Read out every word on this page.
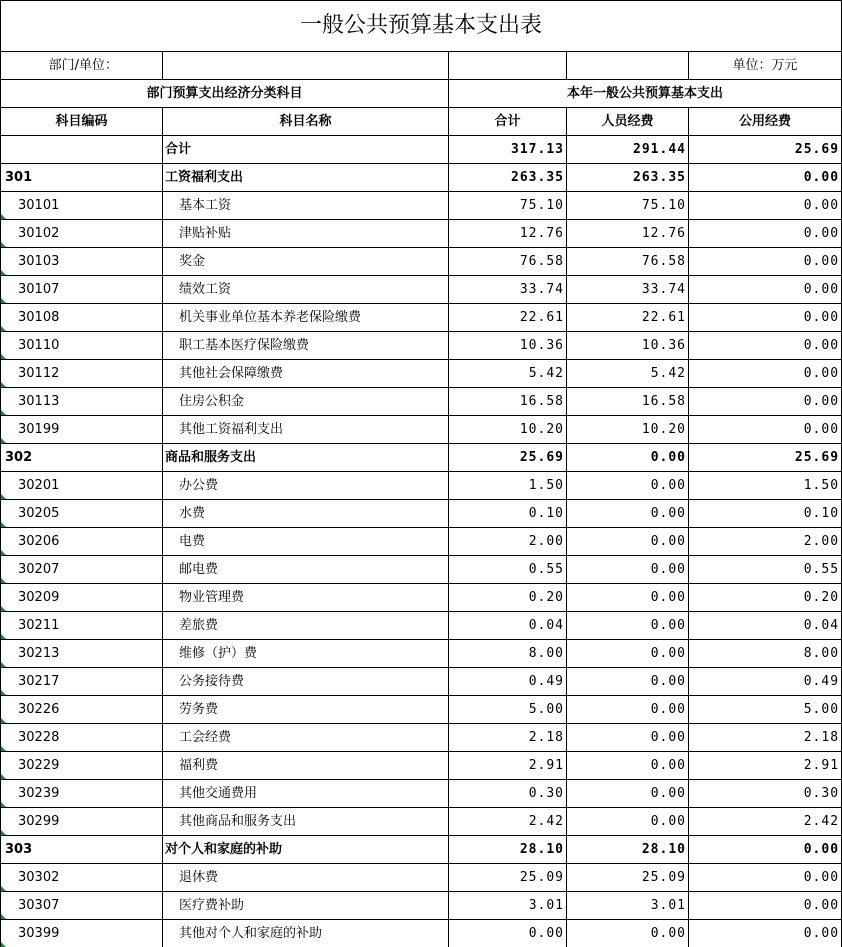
一般公共预算基本支出表				
部门/单位：				单位：万元
部门预算支出经济分类科目		本年一般公共预算基本支出		
科目编码	科目名称	合计	人员经费	公用经费
	合计	317.13	291.44	25.69
301	工资福利支出	263.35	263.35	0.00
30101	基本工资	75.10	75.10	0.00
30102	津贴补贴	12.76	12.76	0.00
30103	奖金	76.58	76.58	0.00
30107	绩效工资	33.74	33.74	0.00
30108	机关事业单位基本养老保险缴费	22.61	22.61	0.00
30110	职工基本医疗保险缴费	10.36	10.36	0.00
30112	其他社会保障缴费	5.42	5.42	0.00
30113	住房公积金	16.58	16.58	0.00
30199	其他工资福利支出	10.20	10.20	0.00
302	商品和服务支出	25.69	0.00	25.69
30201	办公费	1.50	0.00	1.50
30205	水费	0.10	0.00	0.10
30206	电费	2.00	0.00	2.00
30207	邮电费	0.55	0.00	0.55
30209	物业管理费	0.20	0.00	0.20
30211	差旅费	0.04	0.00	0.04
30213	维修（护）费	8.00	0.00	8.00
30217	公务接待费	0.49	0.00	0.49
30226	劳务费	5.00	0.00	5.00
30228	工会经费	2.18	0.00	2.18
30229	福利费	2.91	0.00	2.91
30239	其他交通费用	0.30	0.00	0.30
30299	其他商品和服务支出	2.42	0.00	2.42
303	对个人和家庭的补助	28.10	28.10	0.00
30302	退休费	25.09	25.09	0.00
30307	医疗费补助	3.01	3.01	0.00
30399	其他对个人和家庭的补助	0.00	0.00	0.00
